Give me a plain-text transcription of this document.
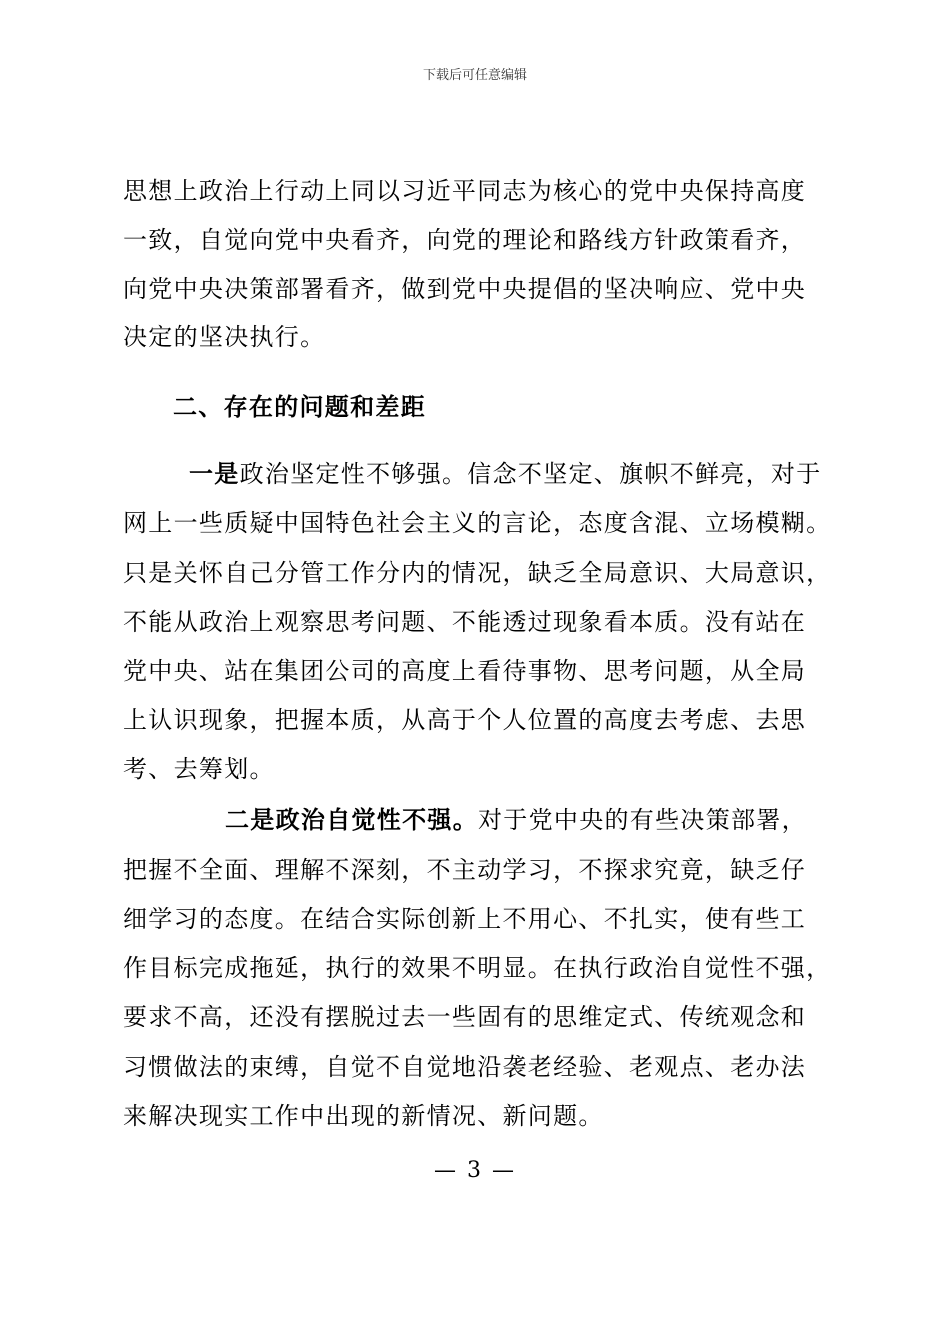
下载后可任意编辑
思想上政治上行动上同以习近平同志为核心的党中央保持高度
一致，自觉向党中央看齐，向党的理论和路线方针政策看齐，
向党中央决策部署看齐，做到党中央提倡的坚决响应、党中央
决定的坚决执行。
二、存在的问题和差距
一是政治坚定性不够强。信念不坚定、旗帜不鲜亮，对于
网上一些质疑中国特色社会主义的言论，态度含混、立场模糊。
只是关怀自己分管工作分内的情况，缺乏全局意识、大局意识，
不能从政治上观察思考问题、不能透过现象看本质。没有站在
党中央、站在集团公司的高度上看待事物、思考问题，从全局
上认识现象，把握本质，从高于个人位置的高度去考虑、去思
考、去筹划。
二是政治自觉性不强。对于党中央的有些决策部署，
把握不全面、理解不深刻，不主动学习，不探求究竟，缺乏仔
细学习的态度。在结合实际创新上不用心、不扎实，使有些工
作目标完成拖延，执行的效果不明显。在执行政治自觉性不强，
要求不高，还没有摆脱过去一些固有的思维定式、传统观念和
习惯做法的束缚，自觉不自觉地沿袭老经验、老观点、老办法
来解决现实工作中出现的新情况、新问题。
— 3 —
